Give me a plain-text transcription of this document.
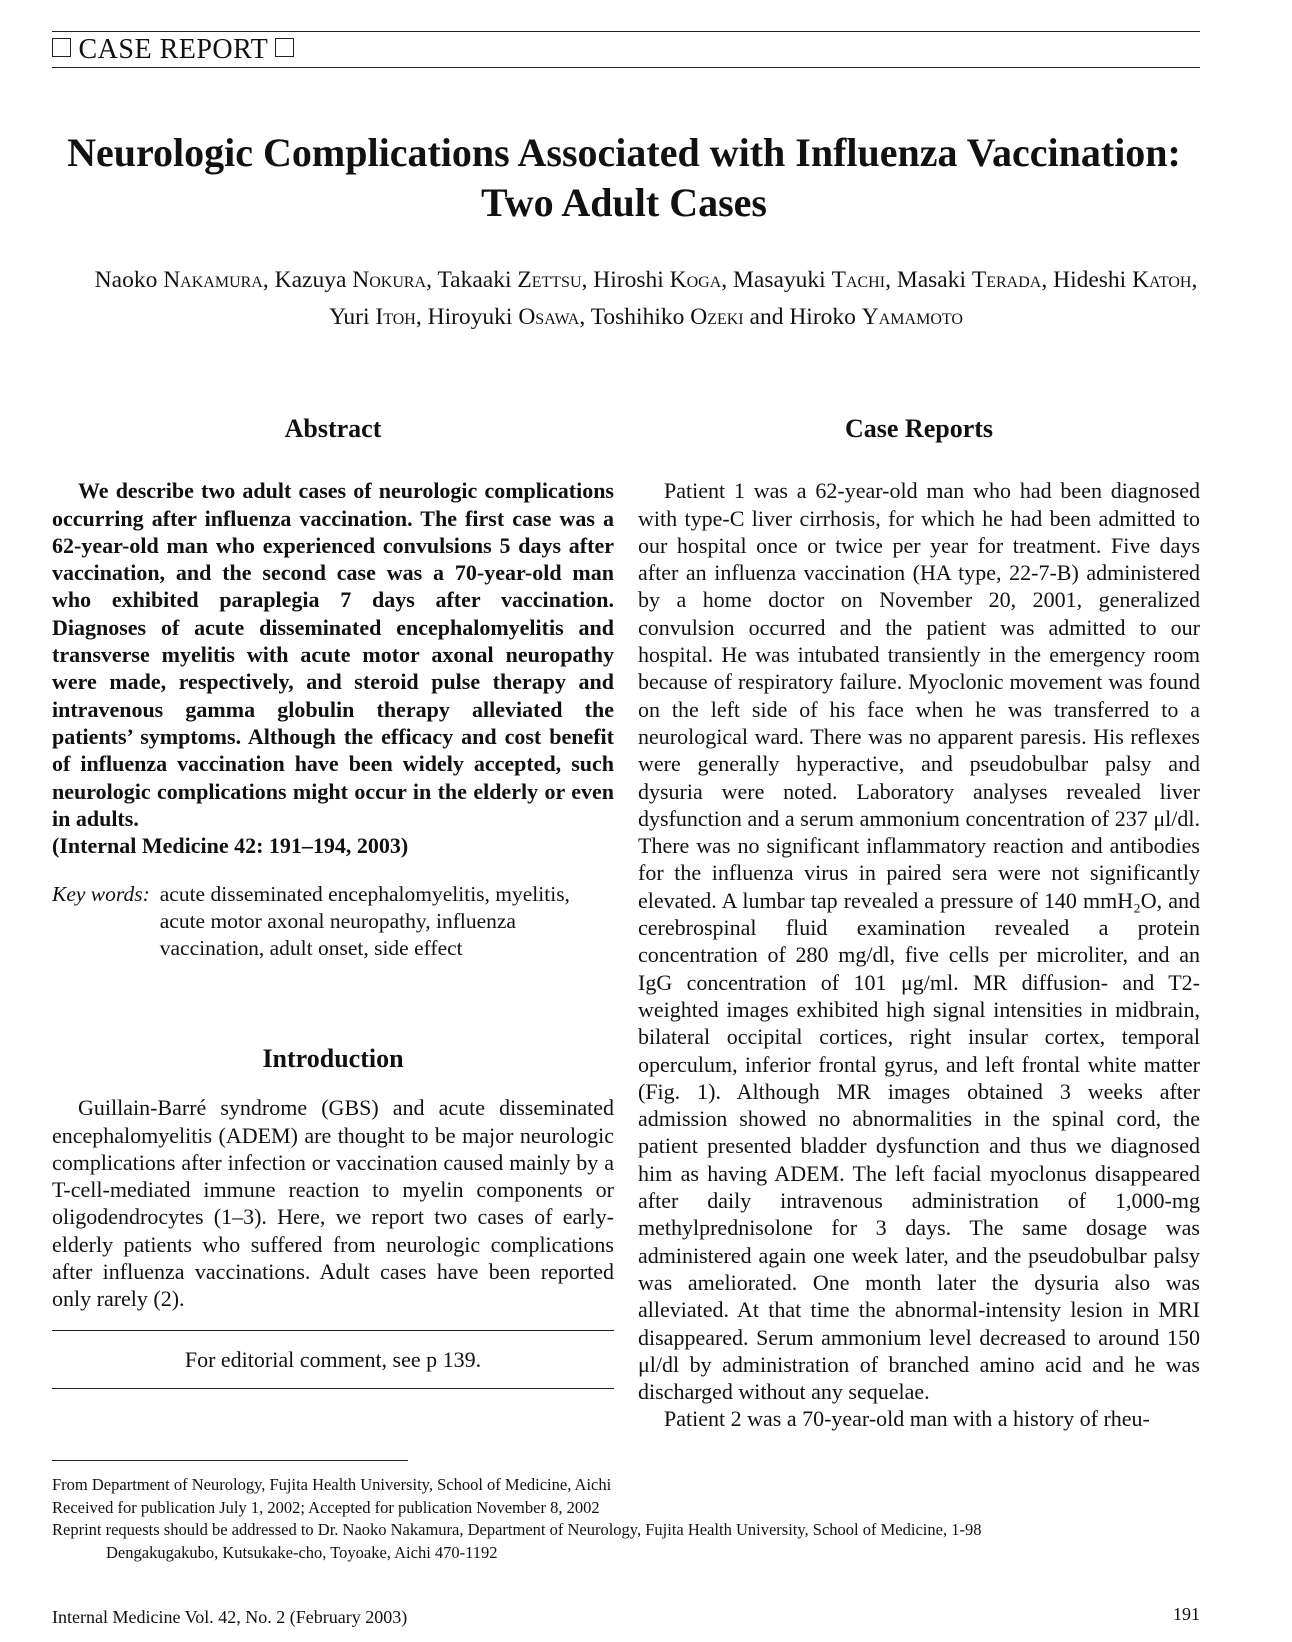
CASE REPORT
Neurologic Complications Associated with Influenza Vaccination: Two Adult Cases

Naoko Nakamura, Kazuya Nokura, Takaaki Zettsu, Hiroshi Koga, Masayuki Tachi, Masaki Terada, Hideshi Katoh,
Yuri Itoh, Hiroyuki Osawa, Toshihiko Ozeki and Hiroko Yamamoto

Abstract

We describe two adult cases of neurologic complications occurring after influenza vaccination. The first case was a 62-year-old man who experienced convulsions 5 days after vaccination, and the second case was a 70-year-old man who exhibited paraplegia 7 days after vaccination. Diagnoses of acute disseminated encephalomyelitis and transverse myelitis with acute motor axonal neuropathy were made, respectively, and steroid pulse therapy and intravenous gamma globulin therapy alleviated the patients’ symptoms. Although the efficacy and cost benefit of influenza vaccination have been widely accepted, such neurologic complications might occur in the elderly or even in adults.

(Internal Medicine 42: 191–194, 2003)

Key words: acute disseminated encephalomyelitis, myelitis, acute motor axonal neuropathy, influenza vaccination, adult onset, side effect
Introduction

Guillain-Barré syndrome (GBS) and acute disseminated encephalomyelitis (ADEM) are thought to be major neurologic complications after infection or vaccination caused mainly by a T-cell-mediated immune reaction to myelin components or oligodendrocytes (1–3). Here, we report two cases of early-elderly patients who suffered from neurologic complications after influenza vaccinations. Adult cases have been reported only rarely (2).

For editorial comment, see p 139.
Case Reports

Patient 1 was a 62-year-old man who had been diagnosed with type-C liver cirrhosis, for which he had been admitted to our hospital once or twice per year for treatment. Five days after an influenza vaccination (HA type, 22-7-B) administered by a home doctor on November 20, 2001, generalized convulsion occurred and the patient was admitted to our hospital. He was intubated transiently in the emergency room because of respiratory failure. Myoclonic movement was found on the left side of his face when he was transferred to a neurological ward. There was no apparent paresis. His reflexes were generally hyperactive, and pseudobulbar palsy and dysuria were noted. Laboratory analyses revealed liver dysfunction and a serum ammonium concentration of 237 μl/dl. There was no significant inflammatory reaction and antibodies for the influenza virus in paired sera were not significantly elevated. A lumbar tap revealed a pressure of 140 mmH₂O, and cerebrospinal fluid examination revealed a protein concentration of 280 mg/dl, five cells per microliter, and an IgG concentration of 101 μg/ml. MR diffusion- and T2-weighted images exhibited high signal intensities in midbrain, bilateral occipital cortices, right insular cortex, temporal operculum, inferior frontal gyrus, and left frontal white matter (Fig. 1). Although MR images obtained 3 weeks after admission showed no abnormalities in the spinal cord, the patient presented bladder dysfunction and thus we diagnosed him as having ADEM. The left facial myoclonus disappeared after daily intravenous administration of 1,000-mg methylprednisolone for 3 days. The same dosage was administered again one week later, and the pseudobulbar palsy was ameliorated. One month later the dysuria also was alleviated. At that time the abnormal-intensity lesion in MRI disappeared. Serum ammonium level decreased to around 150 μl/dl by administration of branched amino acid and he was discharged without any sequelae.

Patient 2 was a 70-year-old man with a history of rheu-

From Department of Neurology, Fujita Health University, School of Medicine, Aichi

Received for publication July 1, 2002; Accepted for publication November 8, 2002

Reprint requests should be addressed to Dr. Naoko Nakamura, Department of Neurology, Fujita Health University, School of Medicine, 1-98

Dengakugakubo, Kutsukake-cho, Toyoake, Aichi 470-1192

Internal Medicine Vol. 42, No. 2 (February 2003)	191
